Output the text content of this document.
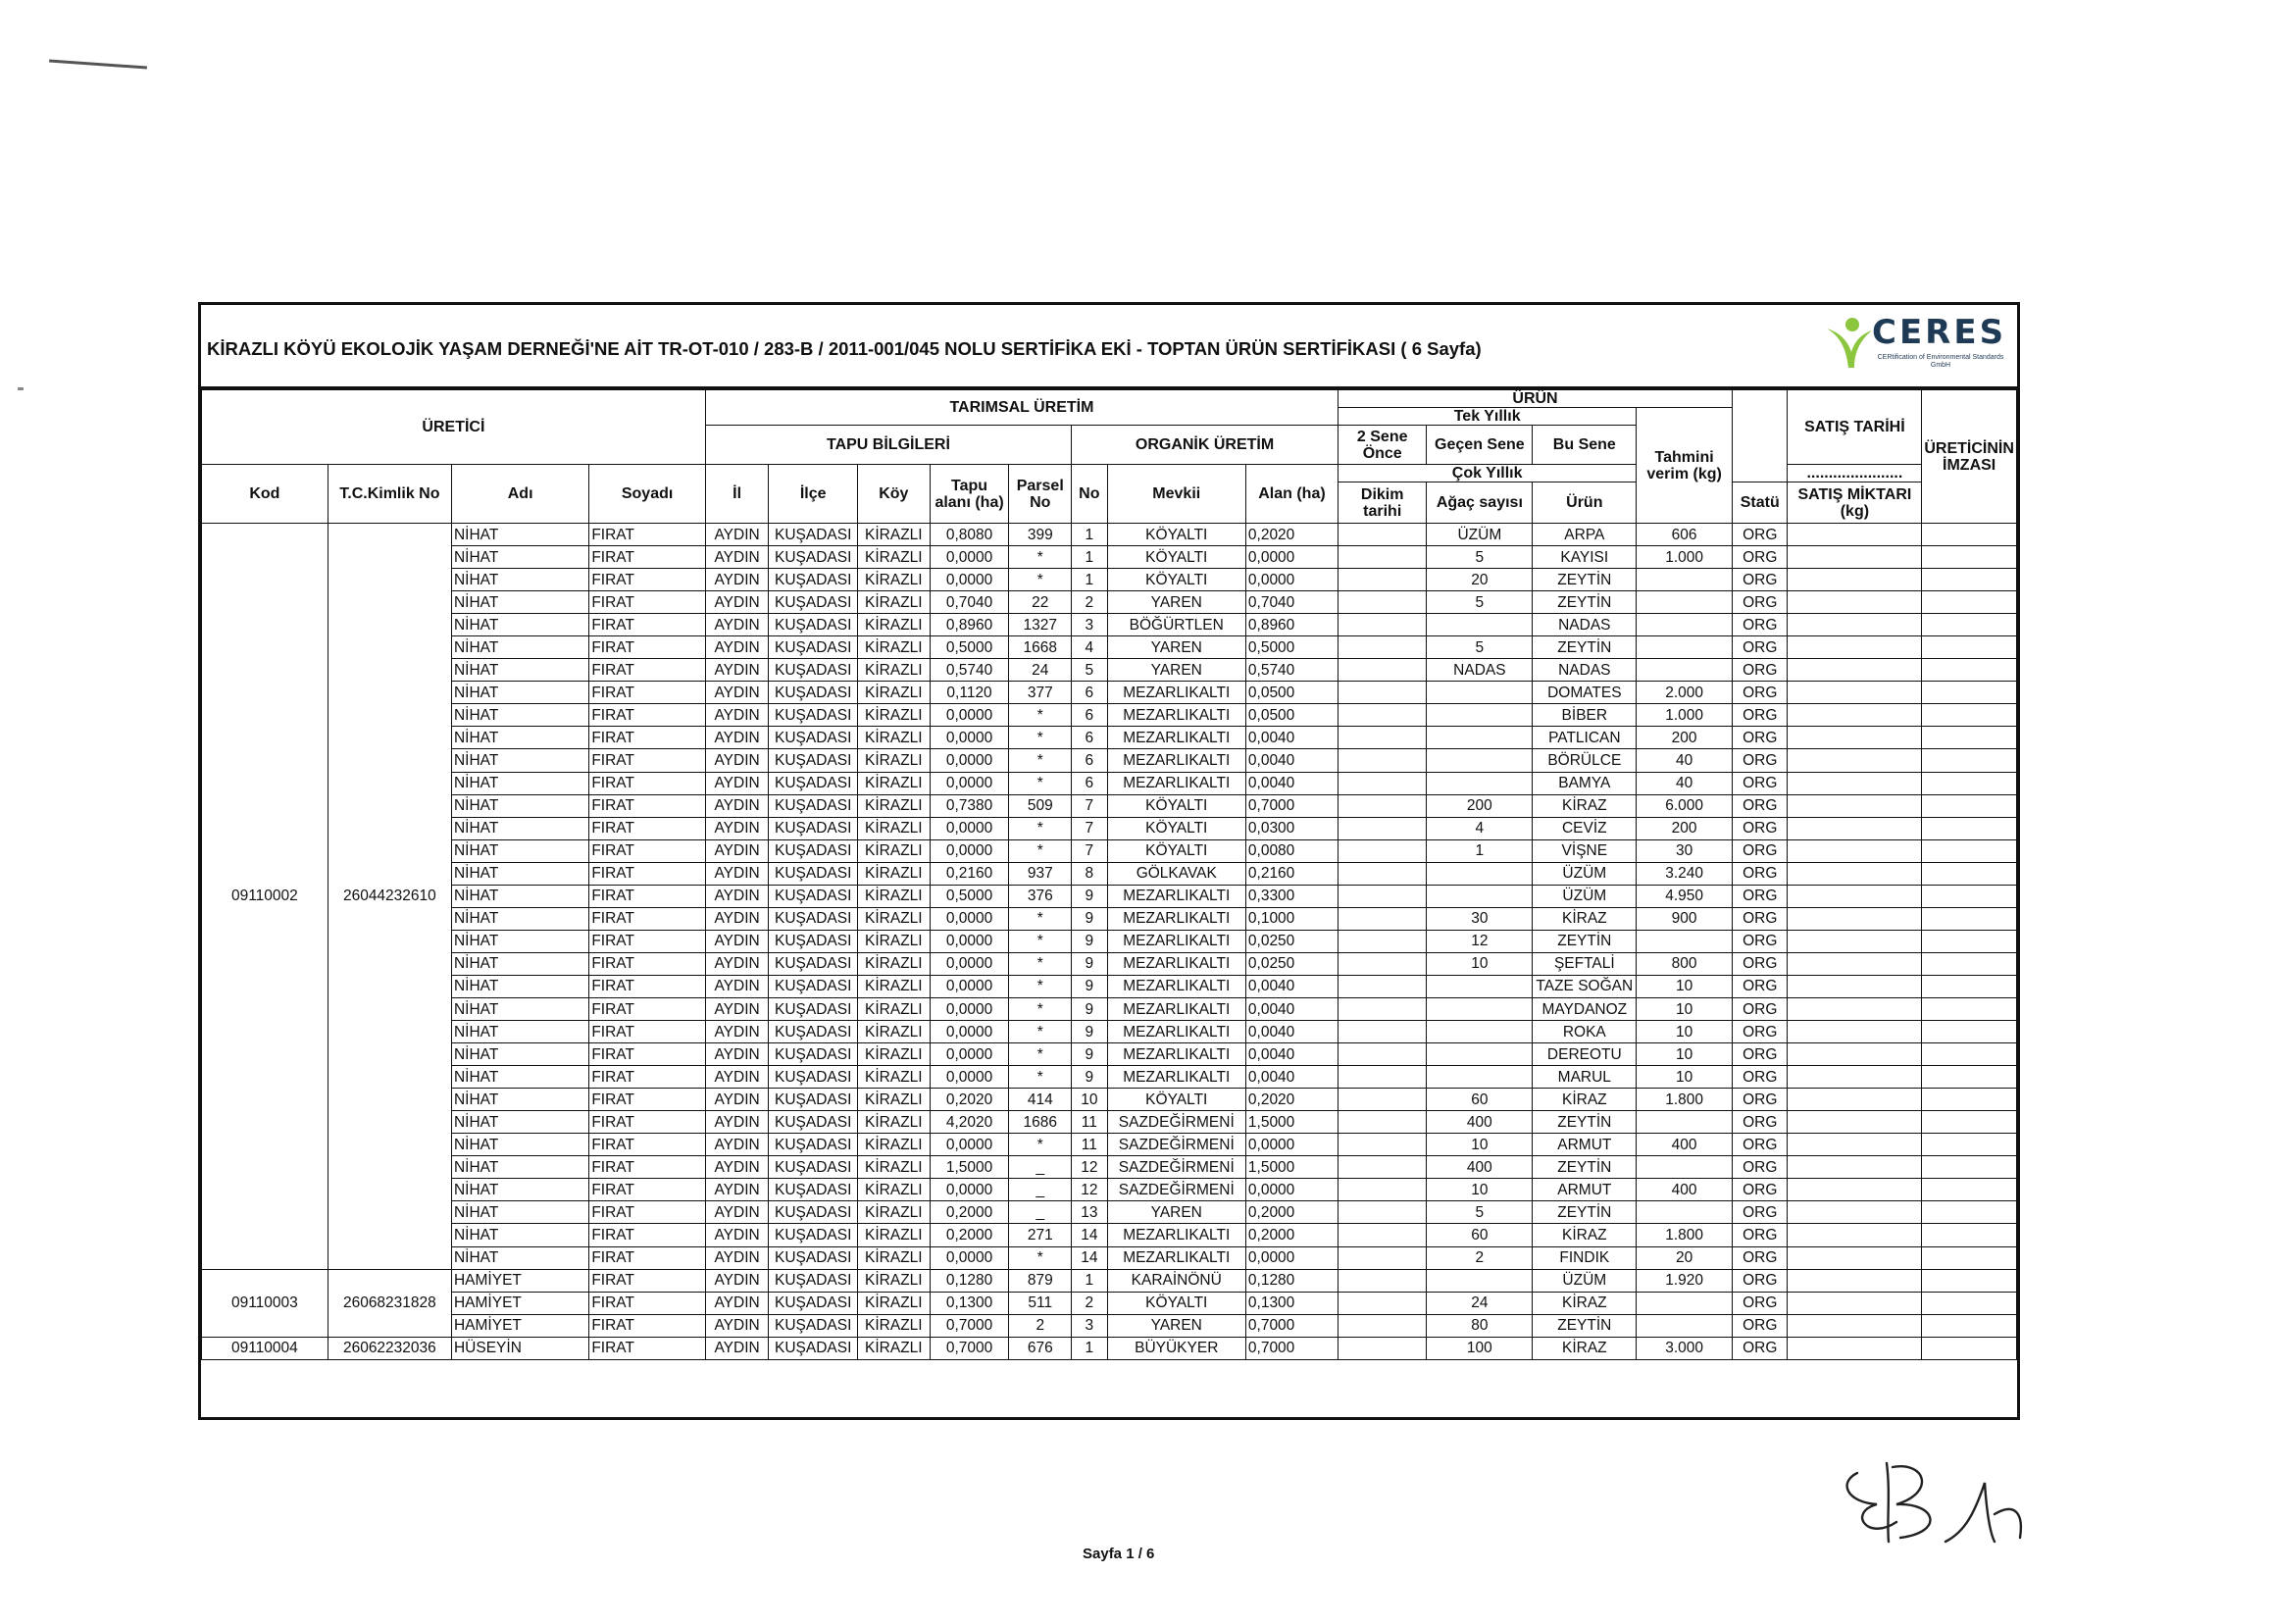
KİRAZLI KÖYÜ EKOLOJİK YAŞAM DERNEĞİ'NE AİT TR-OT-010 / 283-B / 2011-001/045 NOLU SERTİFİKA EKİ - TOPTAN ÜRÜN SERTİFİKASI ( 6 Sayfa)	CERES
CERtification of Environmental Standards GmbH
ÜRETİCİ				TARIMSAL ÜRETİM								ÜRÜN					SATIŞ TARİHİ	ÜRETİCİNİN İMZASI
												Tek Yıllık			Tahmini verim (kg)			
				TAPU BİLGİLERİ					ORGANİK ÜRETİM			2 Sene Önce	Geçen Sene	Bu Sene				
Kod	T.C.Kimlik No	Adı	Soyadı	İl	İlçe	Köy	Tapu alanı (ha)	Parsel No	No	Mevkii	Alan (ha)	Çok Yıllık					......................	
												Dikim tarihi	Ağaç sayısı	Ürün		Statü	SATIŞ MİKTARI (kg)	
09110002	26044232610	NİHAT	FIRAT	AYDIN	KUŞADASI	KİRAZLI	0,8080	399	1	KÖYALTI	0,2020		ÜZÜM	ARPA	606	ORG		
		NİHAT	FIRAT	AYDIN	KUŞADASI	KİRAZLI	0,0000	*	1	KÖYALTI	0,0000		5	KAYISI	1.000	ORG		
		NİHAT	FIRAT	AYDIN	KUŞADASI	KİRAZLI	0,0000	*	1	KÖYALTI	0,0000		20	ZEYTİN		ORG		
		NİHAT	FIRAT	AYDIN	KUŞADASI	KİRAZLI	0,7040	22	2	YAREN	0,7040		5	ZEYTİN		ORG		
		NİHAT	FIRAT	AYDIN	KUŞADASI	KİRAZLI	0,8960	1327	3	BÖĞÜRTLEN	0,8960			NADAS		ORG		
		NİHAT	FIRAT	AYDIN	KUŞADASI	KİRAZLI	0,5000	1668	4	YAREN	0,5000		5	ZEYTİN		ORG		
		NİHAT	FIRAT	AYDIN	KUŞADASI	KİRAZLI	0,5740	24	5	YAREN	0,5740		NADAS	NADAS		ORG		
		NİHAT	FIRAT	AYDIN	KUŞADASI	KİRAZLI	0,1120	377	6	MEZARLIKALTI	0,0500			DOMATES	2.000	ORG		
		NİHAT	FIRAT	AYDIN	KUŞADASI	KİRAZLI	0,0000	*	6	MEZARLIKALTI	0,0500			BİBER	1.000	ORG		
		NİHAT	FIRAT	AYDIN	KUŞADASI	KİRAZLI	0,0000	*	6	MEZARLIKALTI	0,0040			PATLICAN	200	ORG		
		NİHAT	FIRAT	AYDIN	KUŞADASI	KİRAZLI	0,0000	*	6	MEZARLIKALTI	0,0040			BÖRÜLCE	40	ORG		
		NİHAT	FIRAT	AYDIN	KUŞADASI	KİRAZLI	0,0000	*	6	MEZARLIKALTI	0,0040			BAMYA	40	ORG		
		NİHAT	FIRAT	AYDIN	KUŞADASI	KİRAZLI	0,7380	509	7	KÖYALTI	0,7000		200	KİRAZ	6.000	ORG		
		NİHAT	FIRAT	AYDIN	KUŞADASI	KİRAZLI	0,0000	*	7	KÖYALTI	0,0300		4	CEVİZ	200	ORG		
		NİHAT	FIRAT	AYDIN	KUŞADASI	KİRAZLI	0,0000	*	7	KÖYALTI	0,0080		1	VİŞNE	30	ORG		
		NİHAT	FIRAT	AYDIN	KUŞADASI	KİRAZLI	0,2160	937	8	GÖLKAVAK	0,2160			ÜZÜM	3.240	ORG		
		NİHAT	FIRAT	AYDIN	KUŞADASI	KİRAZLI	0,5000	376	9	MEZARLIKALTI	0,3300			ÜZÜM	4.950	ORG		
		NİHAT	FIRAT	AYDIN	KUŞADASI	KİRAZLI	0,0000	*	9	MEZARLIKALTI	0,1000		30	KİRAZ	900	ORG		
		NİHAT	FIRAT	AYDIN	KUŞADASI	KİRAZLI	0,0000	*	9	MEZARLIKALTI	0,0250		12	ZEYTİN		ORG		
		NİHAT	FIRAT	AYDIN	KUŞADASI	KİRAZLI	0,0000	*	9	MEZARLIKALTI	0,0250		10	ŞEFTALİ	800	ORG		
		NİHAT	FIRAT	AYDIN	KUŞADASI	KİRAZLI	0,0000	*	9	MEZARLIKALTI	0,0040			TAZE SOĞAN	10	ORG		
		NİHAT	FIRAT	AYDIN	KUŞADASI	KİRAZLI	0,0000	*	9	MEZARLIKALTI	0,0040			MAYDANOZ	10	ORG		
		NİHAT	FIRAT	AYDIN	KUŞADASI	KİRAZLI	0,0000	*	9	MEZARLIKALTI	0,0040			ROKA	10	ORG		
		NİHAT	FIRAT	AYDIN	KUŞADASI	KİRAZLI	0,0000	*	9	MEZARLIKALTI	0,0040			DEREOTU	10	ORG		
		NİHAT	FIRAT	AYDIN	KUŞADASI	KİRAZLI	0,0000	*	9	MEZARLIKALTI	0,0040			MARUL	10	ORG		
		NİHAT	FIRAT	AYDIN	KUŞADASI	KİRAZLI	0,2020	414	10	KÖYALTI	0,2020		60	KİRAZ	1.800	ORG		
		NİHAT	FIRAT	AYDIN	KUŞADASI	KİRAZLI	4,2020	1686	11	SAZDEĞİRMENİ	1,5000		400	ZEYTİN		ORG		
		NİHAT	FIRAT	AYDIN	KUŞADASI	KİRAZLI	0,0000	*	11	SAZDEĞİRMENİ	0,0000		10	ARMUT	400	ORG		
		NİHAT	FIRAT	AYDIN	KUŞADASI	KİRAZLI	1,5000	_	12	SAZDEĞİRMENİ	1,5000		400	ZEYTİN		ORG		
		NİHAT	FIRAT	AYDIN	KUŞADASI	KİRAZLI	0,0000	_	12	SAZDEĞİRMENİ	0,0000		10	ARMUT	400	ORG		
		NİHAT	FIRAT	AYDIN	KUŞADASI	KİRAZLI	0,2000	_	13	YAREN	0,2000		5	ZEYTİN		ORG		
		NİHAT	FIRAT	AYDIN	KUŞADASI	KİRAZLI	0,2000	271	14	MEZARLIKALTI	0,2000		60	KİRAZ	1.800	ORG		
		NİHAT	FIRAT	AYDIN	KUŞADASI	KİRAZLI	0,0000	*	14	MEZARLIKALTI	0,0000		2	FINDIK	20	ORG		
09110003	26068231828	HAMİYET	FIRAT	AYDIN	KUŞADASI	KİRAZLI	0,1280	879	1	KARAİNÖNÜ	0,1280			ÜZÜM	1.920	ORG		
		HAMİYET	FIRAT	AYDIN	KUŞADASI	KİRAZLI	0,1300	511	2	KÖYALTI	0,1300		24	KİRAZ		ORG		
		HAMİYET	FIRAT	AYDIN	KUŞADASI	KİRAZLI	0,7000	2	3	YAREN	0,7000		80	ZEYTİN		ORG		
09110004	26062232036	HÜSEYİN	FIRAT	AYDIN	KUŞADASI	KİRAZLI	0,7000	676	1	BÜYÜKYER	0,7000		100	KİRAZ	3.000	ORG		
Sayfa 1 / 6
